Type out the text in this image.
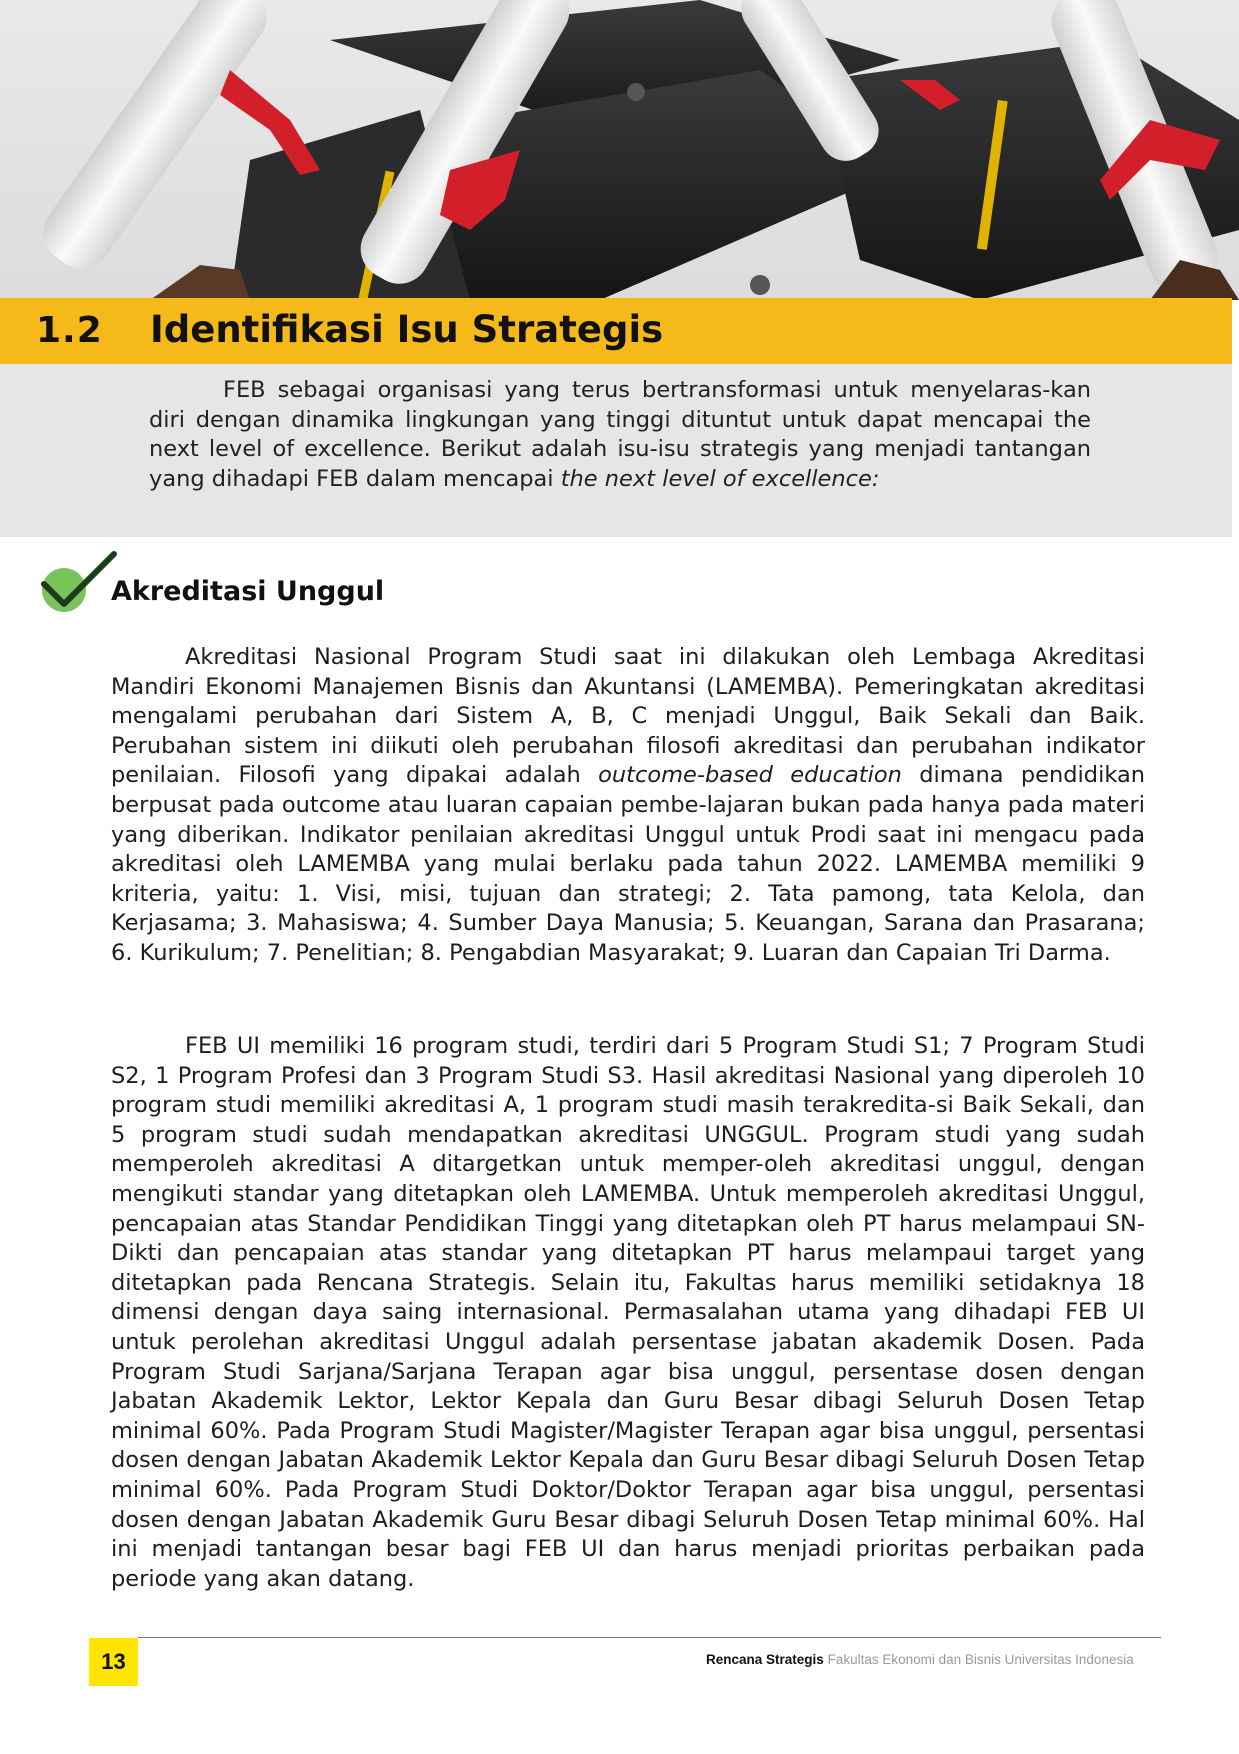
1.2 Identifikasi Isu Strategis
FEB sebagai organisasi yang terus bertransformasi untuk menyelaras-kan diri dengan dinamika lingkungan yang tinggi dituntut untuk dapat mencapai the next level of excellence. Berikut adalah isu-isu strategis yang menjadi tantangan yang dihadapi FEB dalam mencapai the next level of excellence:
Akreditasi Unggul

Akreditasi Nasional Program Studi saat ini dilakukan oleh Lembaga Akreditasi Mandiri Ekonomi Manajemen Bisnis dan Akuntansi (LAMEMBA). Pemeringkatan akreditasi mengalami perubahan dari Sistem A, B, C menjadi Unggul, Baik Sekali dan Baik. Perubahan sistem ini diikuti oleh perubahan filosofi akreditasi dan perubahan indikator penilaian. Filosofi yang dipakai adalah outcome-based education dimana pendidikan berpusat pada outcome atau luaran capaian pembe-lajaran bukan pada hanya pada materi yang diberikan. Indikator penilaian akreditasi Unggul untuk Prodi saat ini mengacu pada akreditasi oleh LAMEMBA yang mulai berlaku pada tahun 2022. LAMEMBA memiliki 9 kriteria, yaitu: 1. Visi, misi, tujuan dan strategi; 2. Tata pamong, tata Kelola, dan Kerjasama; 3. Mahasiswa; 4. Sumber Daya Manusia; 5. Keuangan, Sarana dan Prasarana; 6. Kurikulum; 7. Penelitian; 8. Pengabdian Masyarakat; 9. Luaran dan Capaian Tri Darma.

FEB UI memiliki 16 program studi, terdiri dari 5 Program Studi S1; 7 Program Studi S2, 1 Program Profesi dan 3 Program Studi S3. Hasil akreditasi Nasional yang diperoleh 10 program studi memiliki akreditasi A, 1 program studi masih terakredita-si Baik Sekali, dan 5 program studi sudah mendapatkan akreditasi UNGGUL. Program studi yang sudah memperoleh akreditasi A ditargetkan untuk memper-oleh akreditasi unggul, dengan mengikuti standar yang ditetapkan oleh LAMEMBA. Untuk memperoleh akreditasi Unggul, pencapaian atas Standar Pendidikan Tinggi yang ditetapkan oleh PT harus melampaui SN-Dikti dan pencapaian atas standar yang ditetapkan PT harus melampaui target yang ditetapkan pada Rencana Strategis. Selain itu, Fakultas harus memiliki setidaknya 18 dimensi dengan daya saing internasional. Permasalahan utama yang dihadapi FEB UI untuk perolehan akreditasi Unggul adalah persentase jabatan akademik Dosen. Pada Program Studi Sarjana/Sarjana Terapan agar bisa unggul, persentase dosen dengan Jabatan Akademik Lektor, Lektor Kepala dan Guru Besar dibagi Seluruh Dosen Tetap minimal 60%. Pada Program Studi Magister/Magister Terapan agar bisa unggul, persentasi dosen dengan Jabatan Akademik Lektor Kepala dan Guru Besar dibagi Seluruh Dosen Tetap minimal 60%. Pada Program Studi Doktor/Doktor Terapan agar bisa unggul, persentasi dosen dengan Jabatan Akademik Guru Besar dibagi Seluruh Dosen Tetap minimal 60%. Hal ini menjadi tantangan besar bagi FEB UI dan harus menjadi prioritas perbaikan pada periode yang akan datang.

13	Rencana Strategis Fakultas Ekonomi dan Bisnis Universitas Indonesia
